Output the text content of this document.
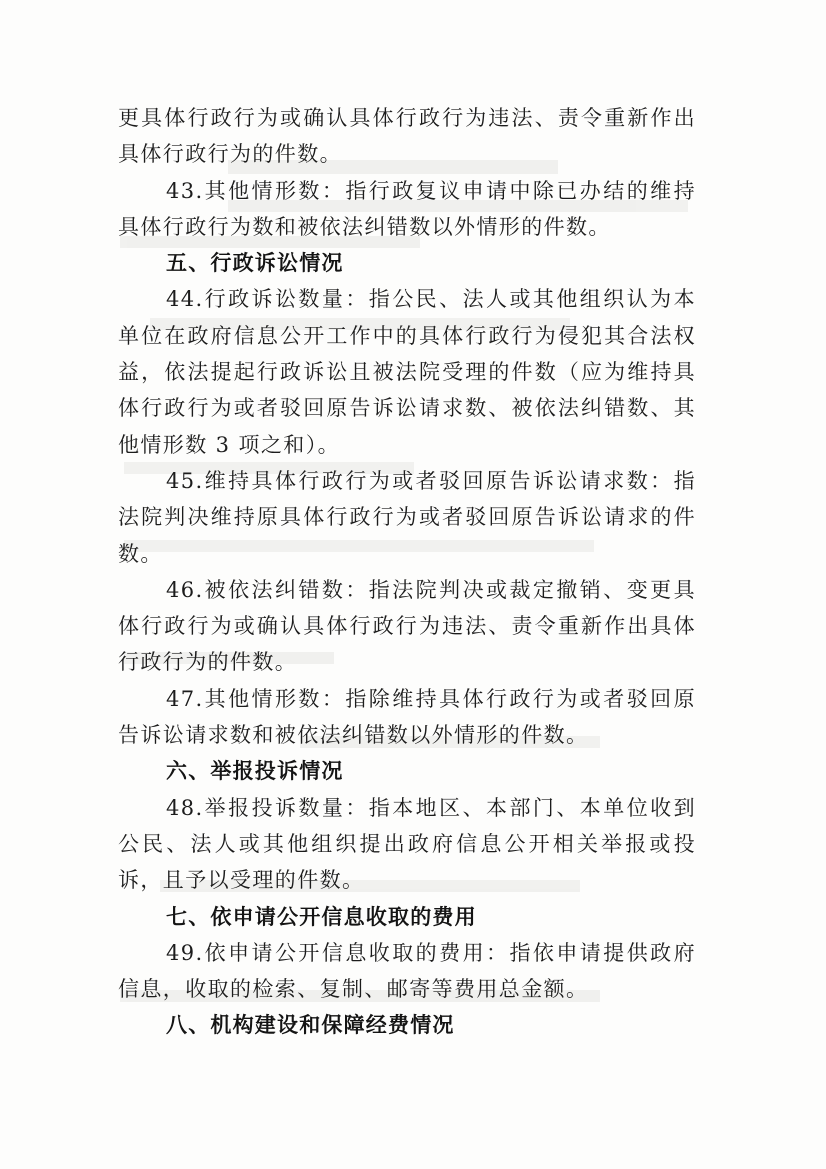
更具体行政行为或确认具体行政行为违法、责令重新作出具体行政行为的件数。

43.其他情形数：指行政复议申请中除已办结的维持具体行政行为数和被依法纠错数以外情形的件数。

五、行政诉讼情况

44.行政诉讼数量：指公民、法人或其他组织认为本单位在政府信息公开工作中的具体行政行为侵犯其合法权益，依法提起行政诉讼且被法院受理的件数（应为维持具体行政行为或者驳回原告诉讼请求数、被依法纠错数、其他情形数 3 项之和）。

45.维持具体行政行为或者驳回原告诉讼请求数：指法院判决维持原具体行政行为或者驳回原告诉讼请求的件数。

46.被依法纠错数：指法院判决或裁定撤销、变更具体行政行为或确认具体行政行为违法、责令重新作出具体行政行为的件数。

47.其他情形数：指除维持具体行政行为或者驳回原告诉讼请求数和被依法纠错数以外情形的件数。

六、举报投诉情况

48.举报投诉数量：指本地区、本部门、本单位收到公民、法人或其他组织提出政府信息公开相关举报或投诉，且予以受理的件数。

七、依申请公开信息收取的费用

49.依申请公开信息收取的费用：指依申请提供政府信息，收取的检索、复制、邮寄等费用总金额。

八、机构建设和保障经费情况
